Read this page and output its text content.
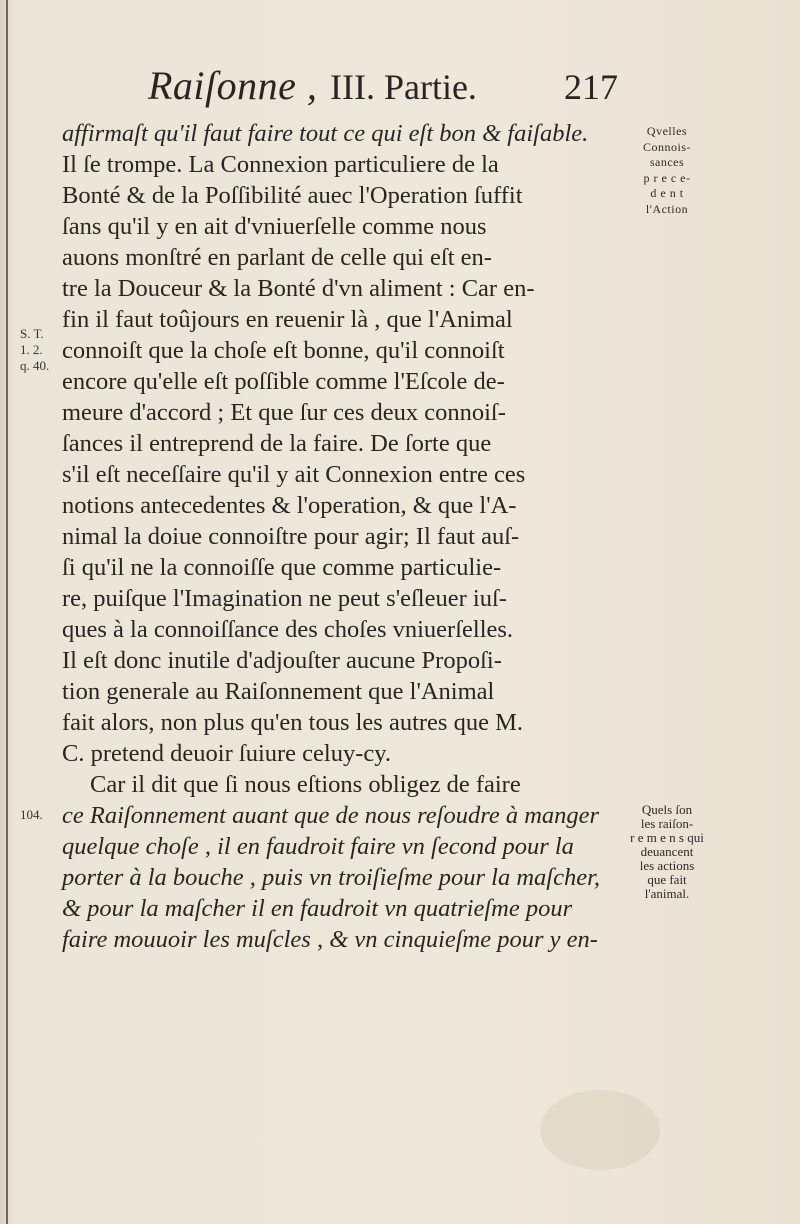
Raiſonne , III. Partie. 217
affirmaſt qu'il faut faire tout ce qui eſt bon & faiſable.
Il ſe trompe. La Connexion particuliere de la
Bonté & de la Poſſibilité auec l'Operation ſuffit
ſans qu'il y en ait d'vniuerſelle comme nous
auons monſtré en parlant de celle qui eſt en-
tre la Douceur & la Bonté d'vn aliment : Car en-
fin il faut toûjours en reuenir là , que l'Animal
connoiſt que la choſe eſt bonne, qu'il connoiſt
encore qu'elle eſt poſſible comme l'Eſcole de-
meure d'accord ; Et que ſur ces deux connoiſ-
ſances il entreprend de la faire. De ſorte que
s'il eſt neceſſaire qu'il y ait Connexion entre ces
notions antecedentes & l'operation, & que l'A-
nimal la doiue connoiſtre pour agir; Il faut auſ-
ſi qu'il ne la connoiſſe que comme particulie-
re, puiſque l'Imagination ne peut s'eſleuer iuſ-
ques à la connoiſſance des choſes vniuerſelles.
Il eſt donc inutile d'adjouſter aucune Propoſi-
tion generale au Raiſonnement que l'Animal
fait alors, non plus qu'en tous les autres que M.
C. pretend deuoir ſuiure celuy-cy.
Car il dit que ſi nous eſtions obligez de faire
ce Raiſonnement auant que de nous reſoudre à manger
quelque choſe , il en faudroit faire vn ſecond pour la
porter à la bouche , puis vn troiſieſme pour la maſcher,
& pour la maſcher il en faudroit vn quatrieſme pour
faire mouuoir les muſcles , & vn cinquieſme pour y en-
S. T.
1. 2.
q. 40.
104.
Qvelles
Connois-
sances
p r e c e-
d e n t
l'Action
Quels ſon
les raiſon-
r e m e n s qui
deuancent
les actions
que fait
l'animal.
